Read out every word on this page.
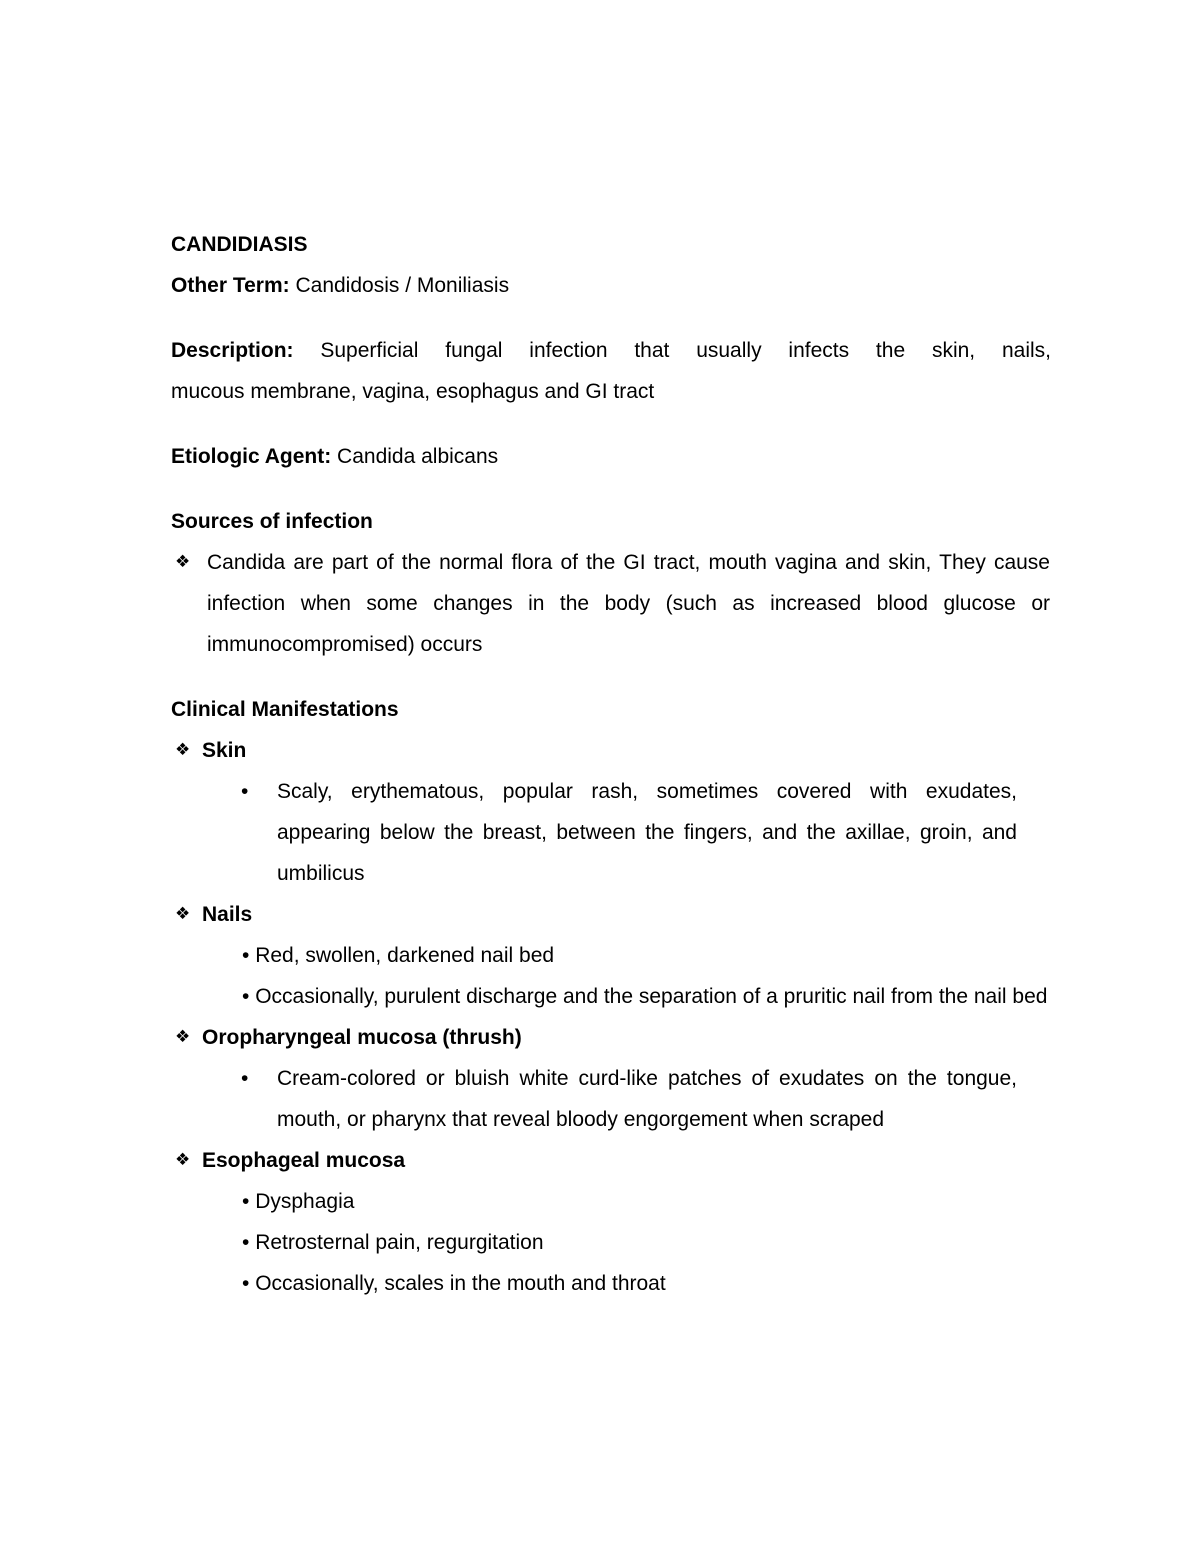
CANDIDIASIS

Other Term: Candidosis / Moniliasis

Description: Superficial fungal infection that usually infects the skin, nails,

mucous membrane, vagina, esophagus and GI tract

Etiologic Agent: Candida albicans

Sources of infection

❖ Candida are part of the normal flora of the GI tract, mouth vagina and skin, They cause infection when some changes in the body (such as increased blood glucose or immunocompromised) occurs

Clinical Manifestations

❖ Skin
• Scaly, erythematous, popular rash, sometimes covered with exudates, appearing below the breast, between the fingers, and the axillae, groin, and umbilicus
❖ Nails
• Red, swollen, darkened nail bed
• Occasionally, purulent discharge and the separation of a pruritic nail from the nail bed
❖ Oropharyngeal mucosa (thrush)
• Cream-colored or bluish white curd-like patches of exudates on the tongue, mouth, or pharynx that reveal bloody engorgement when scraped
❖ Esophageal mucosa
• Dysphagia
• Retrosternal pain, regurgitation
• Occasionally, scales in the mouth and throat
